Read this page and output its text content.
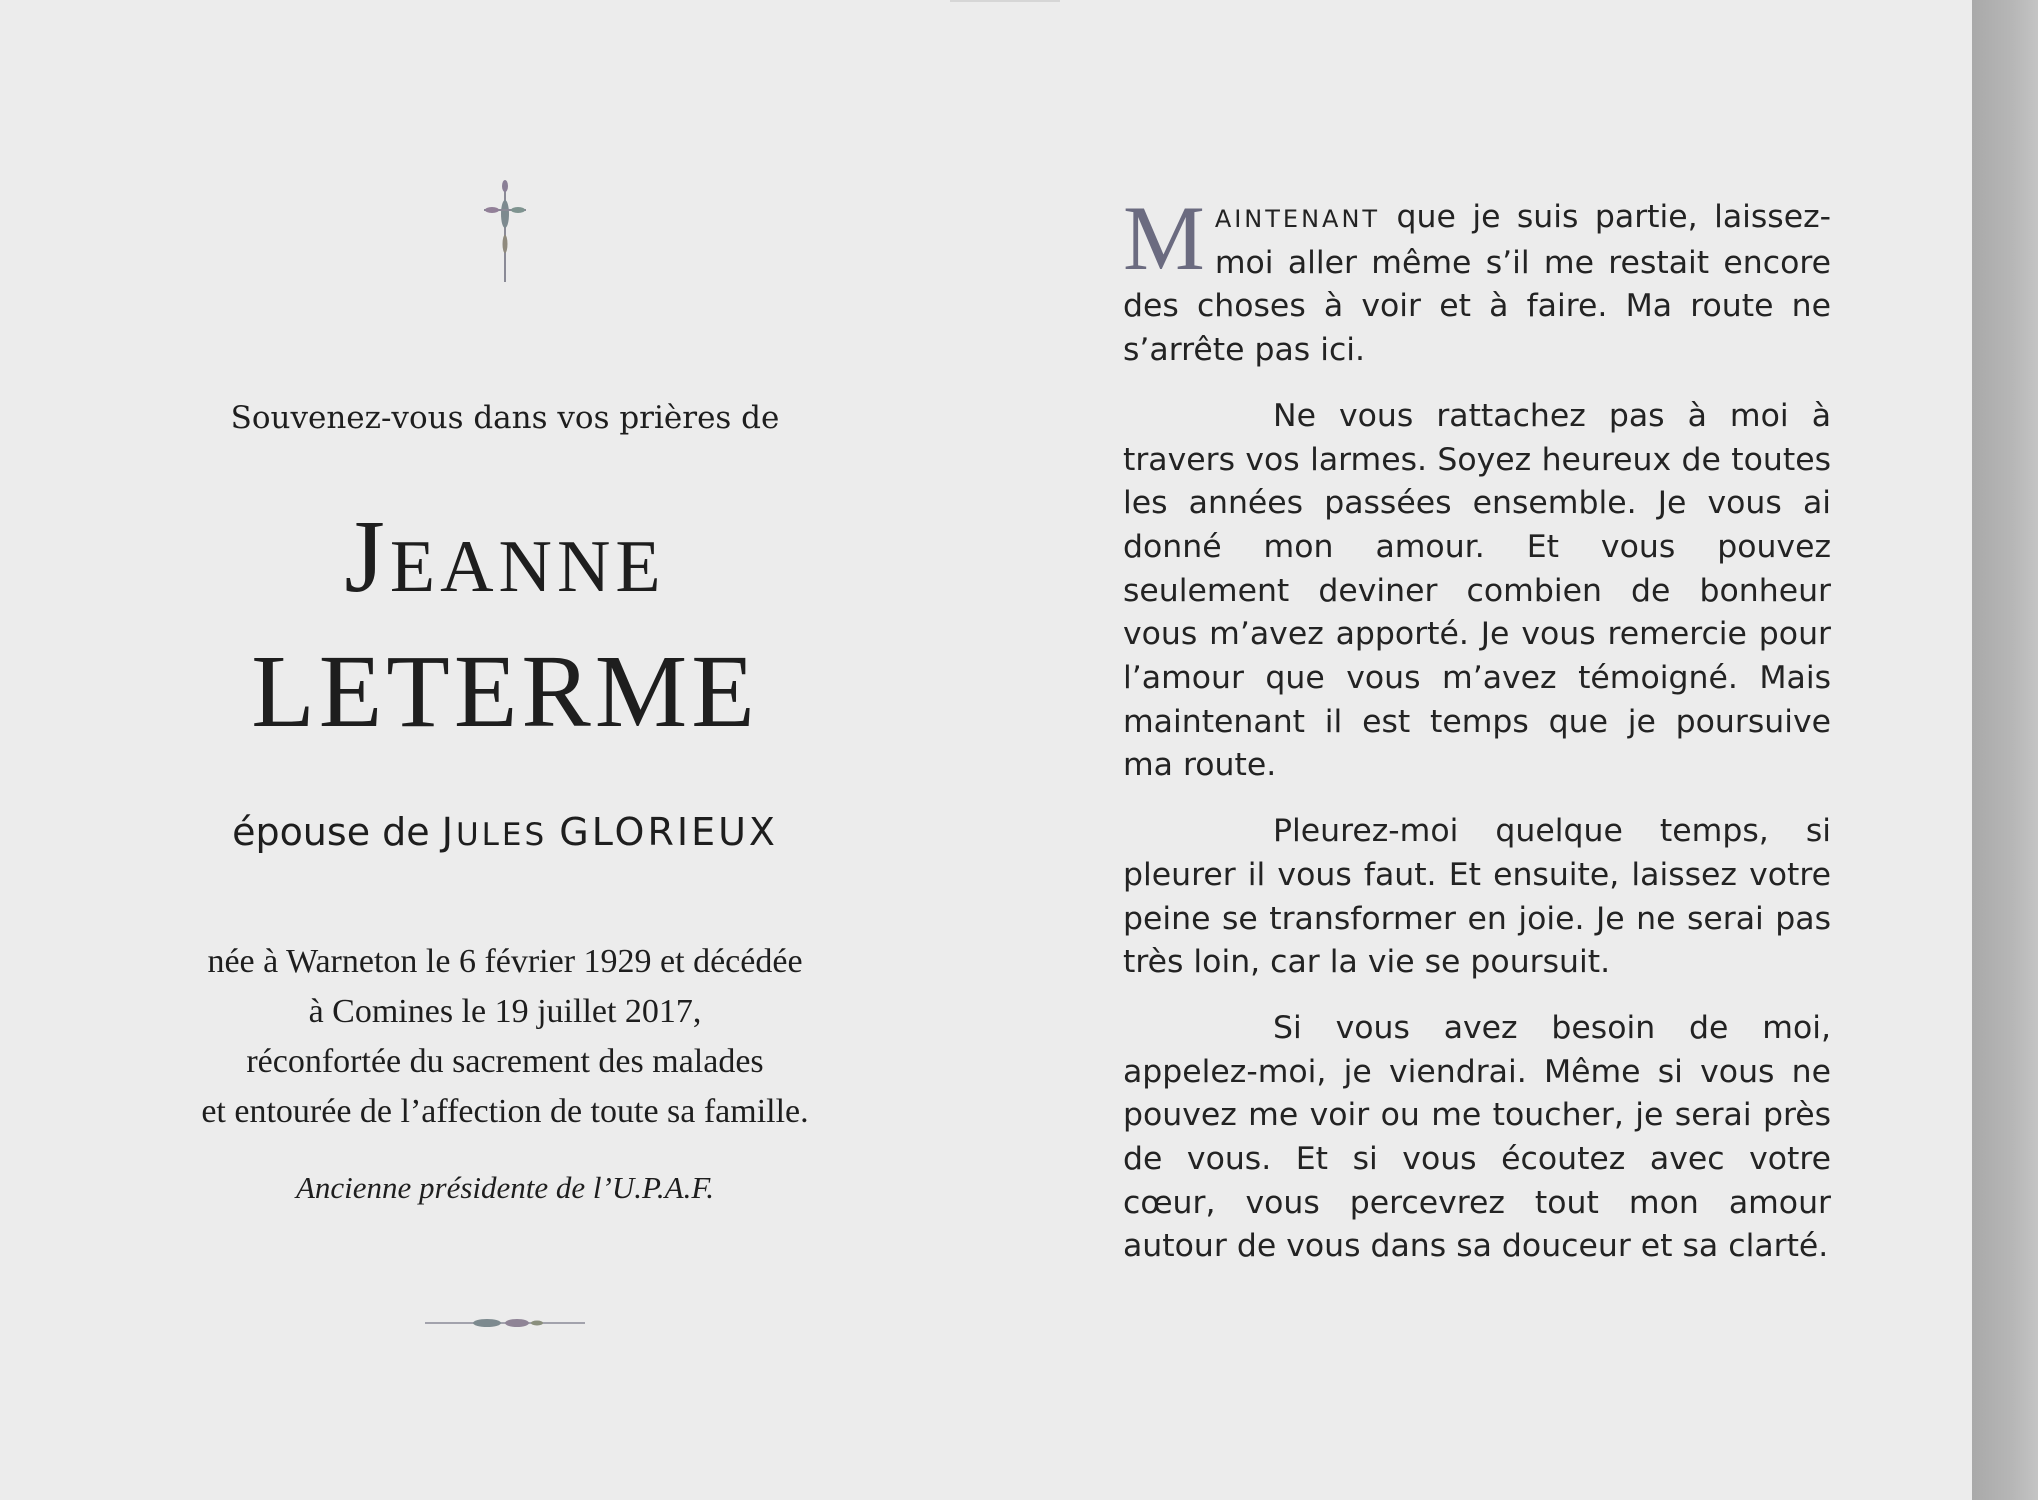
Souvenez-vous dans vos prières de
JEANNE
LETERME
épouse de JULES GLORIEUX
née à Warneton le 6 février 1929 et décédée
à Comines le 19 juillet 2017,
réconfortée du sacrement des malades
et entourée de l’affection de toute sa famille.
Ancienne présidente de l’U.P.A.F.

MAINTENANT que je suis partie, laissez-moi aller même s’il me restait encore des choses à voir et à faire. Ma route ne s’arrête pas ici.

Ne vous rattachez pas à moi à travers vos larmes. Soyez heureux de toutes les années passées ensemble. Je vous ai donné mon amour. Et vous pouvez seulement deviner combien de bonheur vous m’avez apporté. Je vous remercie pour l’amour que vous m’avez témoigné. Mais maintenant il est temps que je poursuive ma route.

Pleurez-moi quelque temps, si pleurer il vous faut. Et ensuite, laissez votre peine se transformer en joie. Je ne serai pas très loin, car la vie se poursuit.

Si vous avez besoin de moi, appelez-moi, je viendrai. Même si vous ne pouvez me voir ou me toucher, je serai près de vous. Et si vous écoutez avec votre cœur, vous percevrez tout mon amour autour de vous dans sa douceur et sa clarté.
